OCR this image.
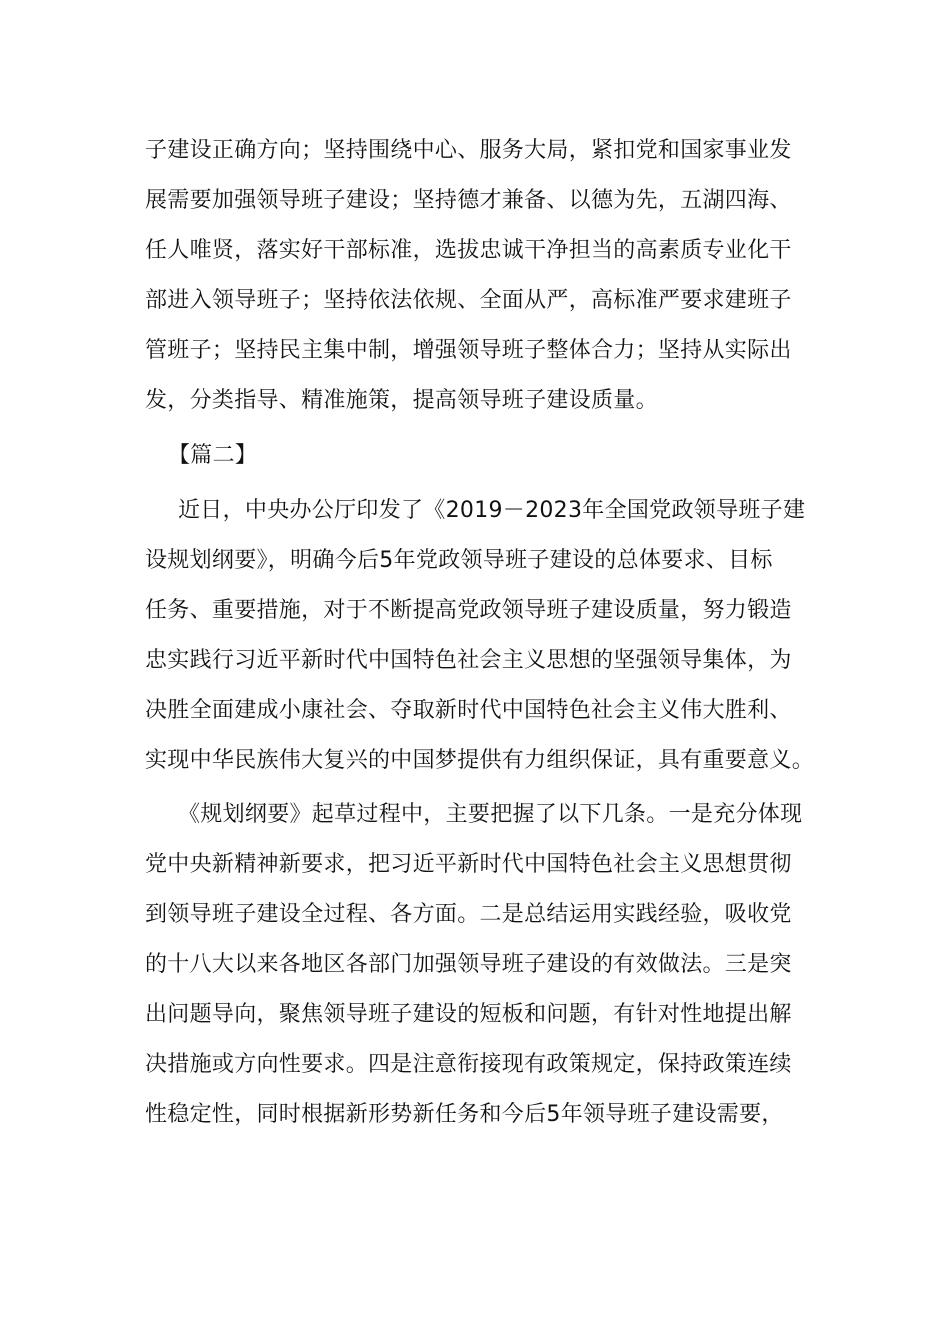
子建设正确方向；坚持围绕中心、服务大局，紧扣党和国家事业发
展需要加强领导班子建设；坚持德才兼备、以德为先，五湖四海、
任人唯贤，落实好干部标准，选拔忠诚干净担当的高素质专业化干
部进入领导班子；坚持依法依规、全面从严，高标准严要求建班子
管班子；坚持民主集中制，增强领导班子整体合力；坚持从实际出
发，分类指导、精准施策，提高领导班子建设质量。
【篇二】
近日，中央办公厅印发了《2019－2023年全国党政领导班子建
设规划纲要》，明确今后5年党政领导班子建设的总体要求、目标
任务、重要措施，对于不断提高党政领导班子建设质量，努力锻造
忠实践行习近平新时代中国特色社会主义思想的坚强领导集体，为
决胜全面建成小康社会、夺取新时代中国特色社会主义伟大胜利、
实现中华民族伟大复兴的中国梦提供有力组织保证，具有重要意义。
《规划纲要》起草过程中，主要把握了以下几条。一是充分体现
党中央新精神新要求，把习近平新时代中国特色社会主义思想贯彻
到领导班子建设全过程、各方面。二是总结运用实践经验，吸收党
的十八大以来各地区各部门加强领导班子建设的有效做法。三是突
出问题导向，聚焦领导班子建设的短板和问题，有针对性地提出解
决措施或方向性要求。四是注意衔接现有政策规定，保持政策连续
性稳定性，同时根据新形势新任务和今后5年领导班子建设需要，
